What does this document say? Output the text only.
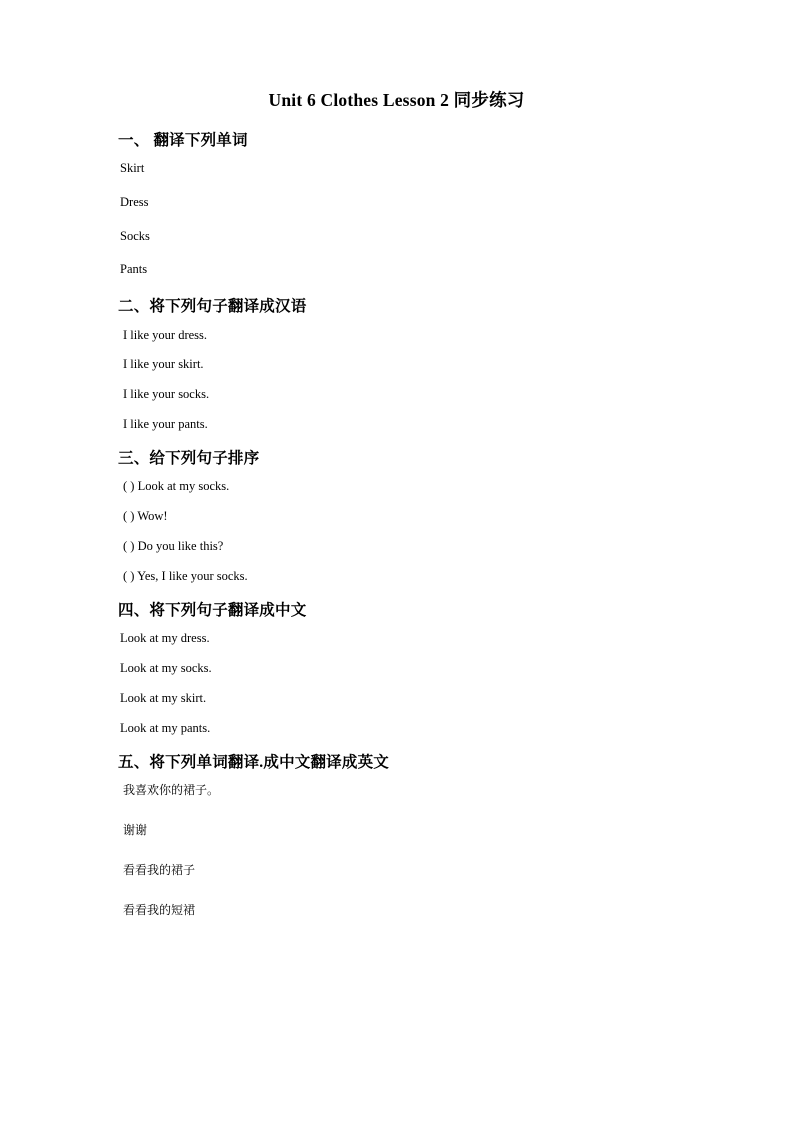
Unit 6 Clothes Lesson 2 同步练习
一、 翻译下列单词

Skirt

Dress

Socks

Pants

二、将下列句子翻译成汉语

I like your dress.

I like your skirt.

I like your socks.

I like your pants.

三、给下列句子排序

( ) Look at my socks.

( ) Wow!

( ) Do you like this?

( ) Yes, I like your socks.

四、将下列句子翻译成中文

Look at my dress.

Look at my socks.

Look at my skirt.

Look at my pants.

五、将下列单词翻译.成中文翻译成英文

我喜欢你的裙子。

谢谢

看看我的裙子

看看我的短裙
